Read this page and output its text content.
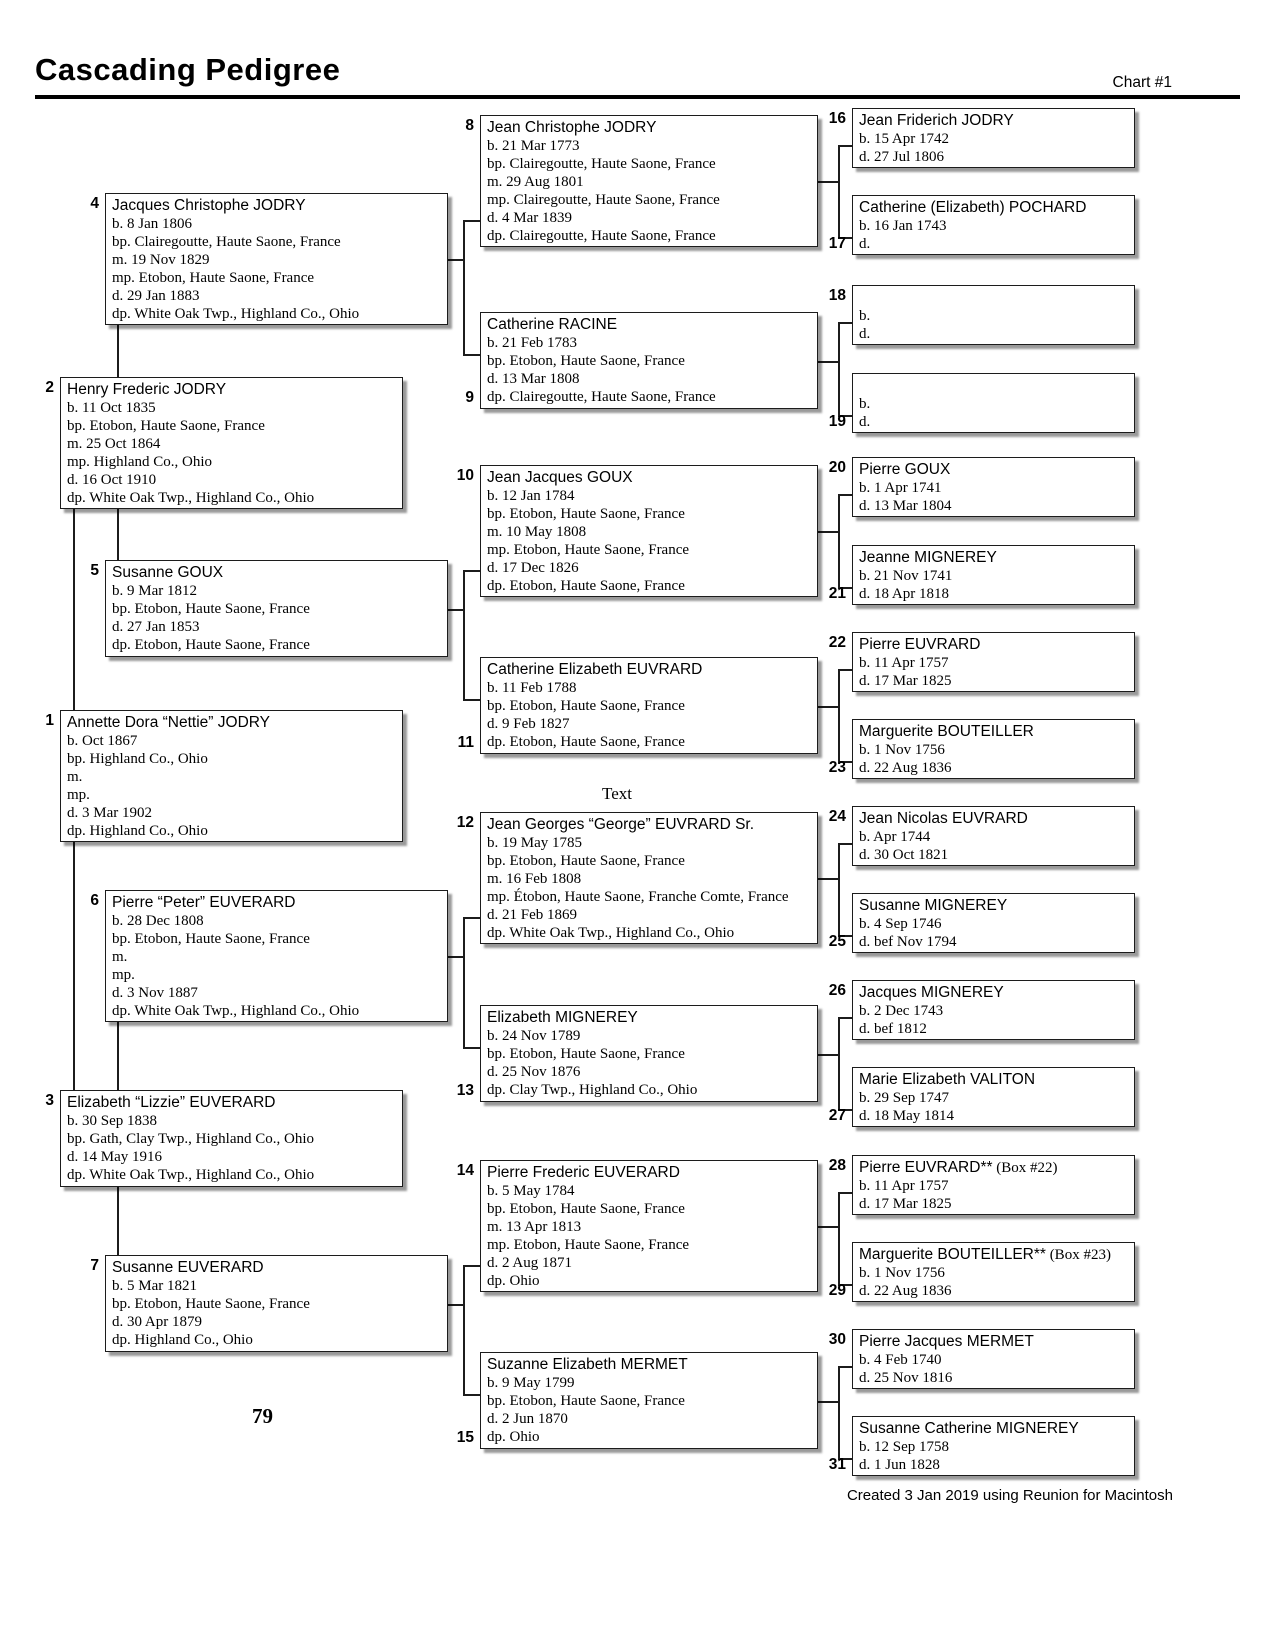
Cascading Pedigree	Chart #1
Annette Dora “Nettie” JODRY
b. Oct 1867
bp. Highland Co., Ohio
m.
mp.
d. 3 Mar 1902
dp. Highland Co., Ohio
1
Henry Frederic JODRY
b. 11 Oct 1835
bp. Etobon, Haute Saone, France
m. 25 Oct 1864
mp. Highland Co., Ohio
d. 16 Oct 1910
dp. White Oak Twp., Highland Co., Ohio
2
Elizabeth “Lizzie” EUVERARD
b. 30 Sep 1838
bp. Gath, Clay Twp., Highland Co., Ohio
d. 14 May 1916
dp. White Oak Twp., Highland Co., Ohio
3
Jacques Christophe JODRY
b. 8 Jan 1806
bp. Clairegoutte, Haute Saone, France
m. 19 Nov 1829
mp. Etobon, Haute Saone, France
d. 29 Jan 1883
dp. White Oak Twp., Highland Co., Ohio
4
Susanne GOUX
b. 9 Mar 1812
bp. Etobon, Haute Saone, France
d. 27 Jan 1853
dp. Etobon, Haute Saone, France
5
Pierre “Peter” EUVERARD
b. 28 Dec 1808
bp. Etobon, Haute Saone, France
m.
mp.
d. 3 Nov 1887
dp. White Oak Twp., Highland Co., Ohio
6
Susanne EUVERARD
b. 5 Mar 1821
bp. Etobon, Haute Saone, France
d. 30 Apr 1879
dp. Highland Co., Ohio
7
Jean Christophe JODRY
b. 21 Mar 1773
bp. Clairegoutte, Haute Saone, France
m. 29 Aug 1801
mp. Clairegoutte, Haute Saone, France
d. 4 Mar 1839
dp. Clairegoutte, Haute Saone, France
8
Catherine RACINE
b. 21 Feb 1783
bp. Etobon, Haute Saone, France
d. 13 Mar 1808
dp. Clairegoutte, Haute Saone, France
9
Jean Jacques GOUX
b. 12 Jan 1784
bp. Etobon, Haute Saone, France
m. 10 May 1808
mp. Etobon, Haute Saone, France
d. 17 Dec 1826
dp. Etobon, Haute Saone, France
10
Catherine Elizabeth EUVRARD
b. 11 Feb 1788
bp. Etobon, Haute Saone, France
d. 9 Feb 1827
dp. Etobon, Haute Saone, France
11
Jean Georges “George” EUVRARD Sr.
b. 19 May 1785
bp. Etobon, Haute Saone, France
m. 16 Feb 1808
mp. Étobon, Haute Saone, Franche Comte, France
d. 21 Feb 1869
dp. White Oak Twp., Highland Co., Ohio
12
Elizabeth MIGNEREY
b. 24 Nov 1789
bp. Etobon, Haute Saone, France
d. 25 Nov 1876
dp. Clay Twp., Highland Co., Ohio
13
Pierre Frederic EUVERARD
b. 5 May 1784
bp. Etobon, Haute Saone, France
m. 13 Apr 1813
mp. Etobon, Haute Saone, France
d. 2 Aug 1871
dp. Ohio
14
Suzanne Elizabeth MERMET
b. 9 May 1799
bp. Etobon, Haute Saone, France
d. 2 Jun 1870
dp. Ohio
15
Jean Friderich JODRY
b. 15 Apr 1742
d. 27 Jul 1806
16
Catherine (Elizabeth) POCHARD
b. 16 Jan 1743
d.
17
b.
d.
18
b.
d.
19
Pierre GOUX
b. 1 Apr 1741
d. 13 Mar 1804
20
Jeanne MIGNEREY
b. 21 Nov 1741
d. 18 Apr 1818
21
Pierre EUVRARD
b. 11 Apr 1757
d. 17 Mar 1825
22
Marguerite BOUTEILLER
b. 1 Nov 1756
d. 22 Aug 1836
23
Jean Nicolas EUVRARD
b. Apr 1744
d. 30 Oct 1821
24
Susanne MIGNEREY
b. 4 Sep 1746
d. bef Nov 1794
25
Jacques MIGNEREY
b. 2 Dec 1743
d. bef 1812
26
Marie Elizabeth VALITON
b. 29 Sep 1747
d. 18 May 1814
27
Pierre EUVRARD** (Box #22)
b. 11 Apr 1757
d. 17 Mar 1825
28
Marguerite BOUTEILLER** (Box #23)
b. 1 Nov 1756
d. 22 Aug 1836
29
Pierre Jacques MERMET
b. 4 Feb 1740
d. 25 Nov 1816
30
Susanne Catherine MIGNEREY
b. 12 Sep 1758
d. 1 Jun 1828
31
Text
79
Created 3 Jan 2019 using Reunion for Macintosh
